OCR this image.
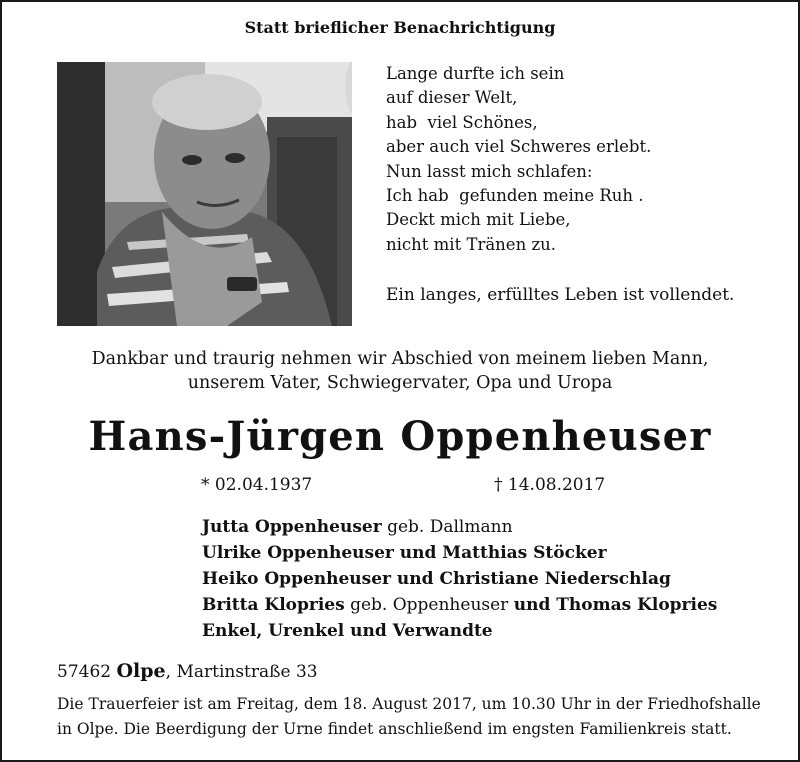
Statt brieflicher Benachrichtigung
Lange durfte ich sein
auf dieser Welt,
hab  viel Schönes,
aber auch viel Schweres erlebt.
Nun lasst mich schlafen:
Ich hab  gefunden meine Ruh .
Deckt mich mit Liebe,
nicht mit Tränen zu.
Ein langes, erfülltes Leben ist vollendet.
Dankbar und traurig nehmen wir Abschied von meinem lieben Mann,
unserem Vater, Schwiegervater, Opa und Uropa
Hans-Jürgen Oppenheuser
* 02.04.1937	† 14.08.2017
Jutta Oppenheuser geb. Dallmann
Ulrike Oppenheuser und Matthias Stöcker
Heiko Oppenheuser und Christiane Niederschlag
Britta Klopries geb. Oppenheuser und Thomas Klopries
Enkel, Urenkel und Verwandte
57462 Olpe, Martinstraße 33
Die Trauerfeier ist am Freitag, dem 18. August 2017, um 10.30 Uhr in der Friedhofshalle
in Olpe. Die Beerdigung der Urne findet anschließend im engsten Familienkreis statt.
